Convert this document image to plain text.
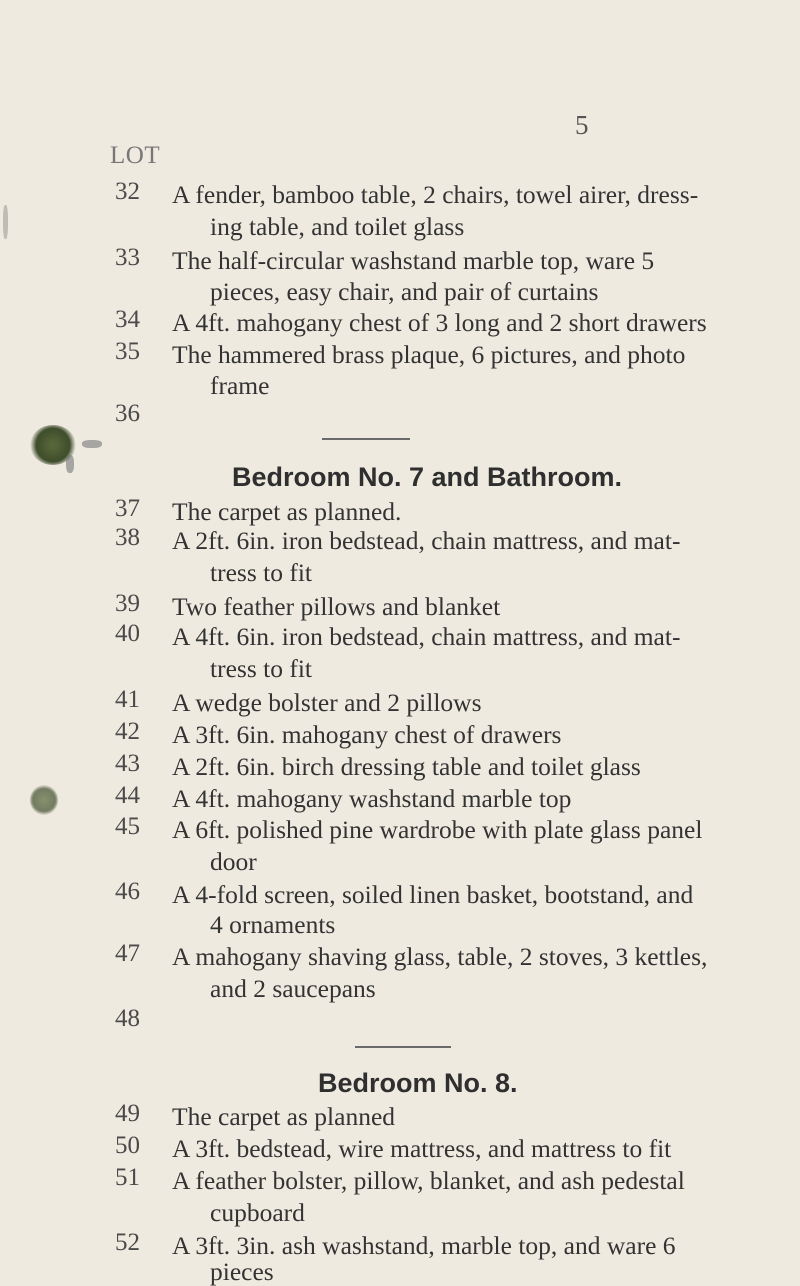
5
LOT
32
33
34
35
36
37
38
39
40
41
42
43
44
45
46
47
48
49
50
51
52
A fender, bamboo table, 2 chairs, towel airer, dress-
ing table, and toilet glass
The half-circular washstand marble top, ware 5
pieces, easy chair, and pair of curtains
A 4ft. mahogany chest of 3 long and 2 short drawers
The hammered brass plaque, 6 pictures, and photo
frame
Bedroom No. 7 and Bathroom.
The carpet as planned.
A 2ft. 6in. iron bedstead, chain mattress, and mat-
tress to fit
Two feather pillows and blanket
A 4ft. 6in. iron bedstead, chain mattress, and mat-
tress to fit
A wedge bolster and 2 pillows
A 3ft. 6in. mahogany chest of drawers
A 2ft. 6in. birch dressing table and toilet glass
A 4ft. mahogany washstand marble top
A 6ft. polished pine wardrobe with plate glass panel
door
A 4-fold screen, soiled linen basket, bootstand, and
4 ornaments
A mahogany shaving glass, table, 2 stoves, 3 kettles,
and 2 saucepans
Bedroom No. 8.
The carpet as planned
A 3ft. bedstead, wire mattress, and mattress to fit
A feather bolster, pillow, blanket, and ash pedestal
cupboard
A 3ft. 3in. ash washstand, marble top, and ware 6
pieces
